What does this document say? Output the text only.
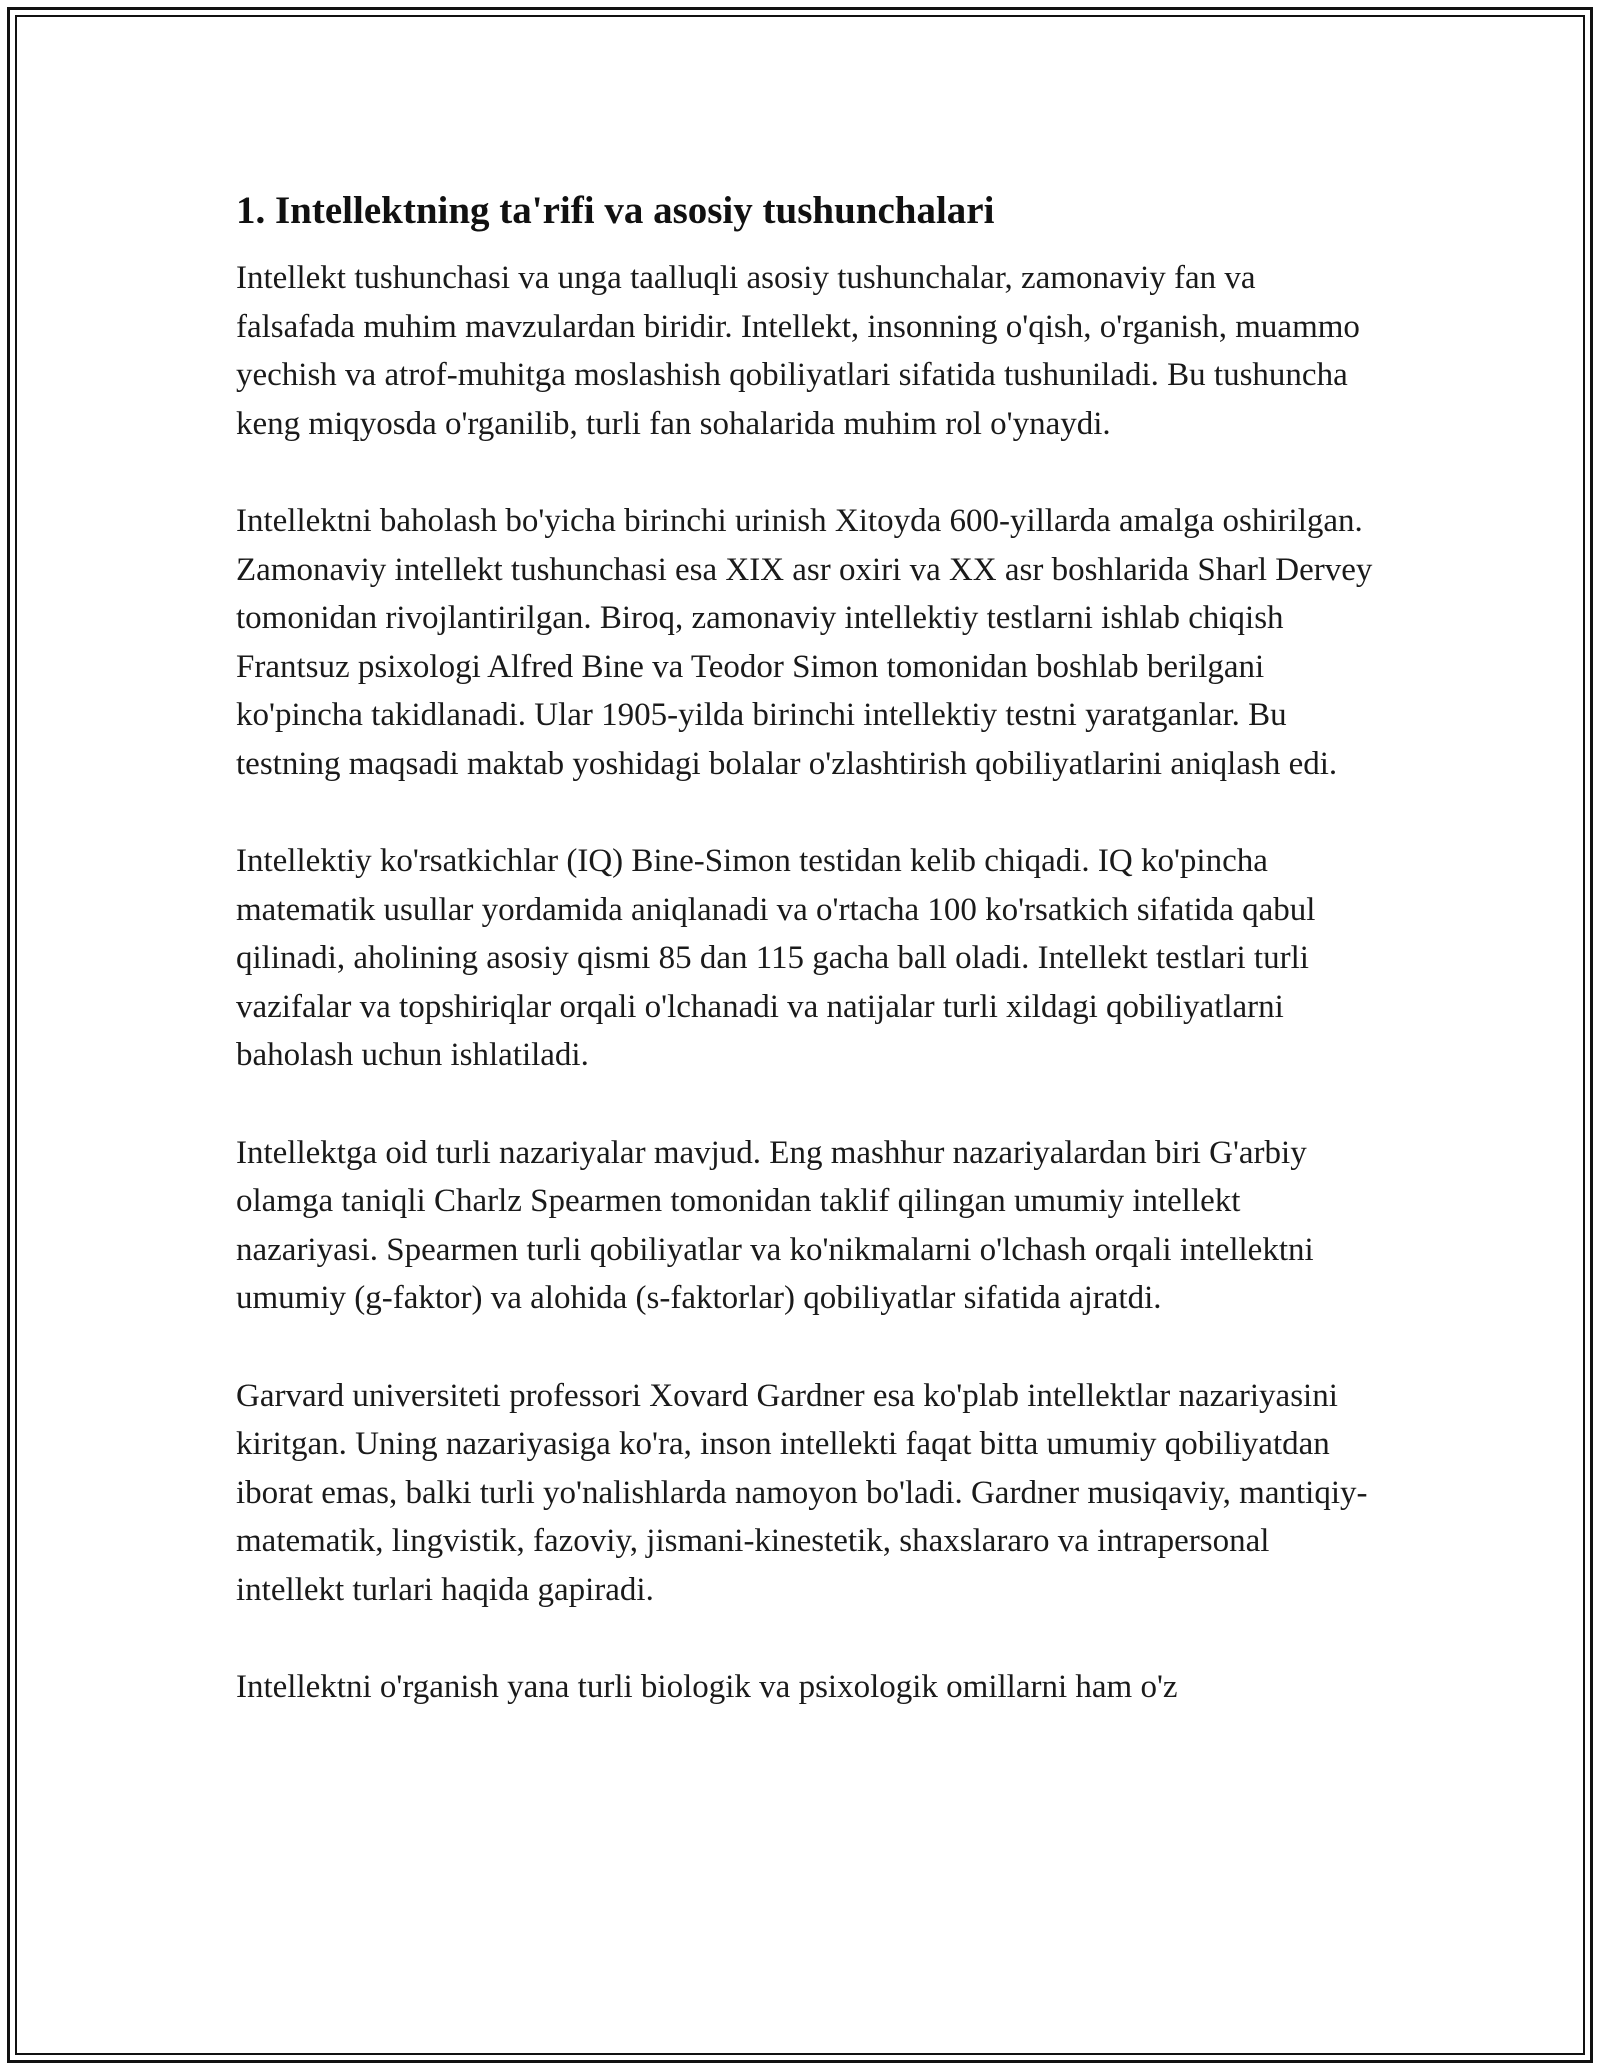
1. Intellektning ta'rifi va asosiy tushunchalari

Intellekt tushunchasi va unga taalluqli asosiy tushunchalar, zamonaviy fan va falsafada muhim mavzulardan biridir. Intellekt, insonning o'qish, o'rganish, muammo yechish va atrof-muhitga moslashish qobiliyatlari sifatida tushuniladi. Bu tushuncha keng miqyosda o'rganilib, turli fan sohalarida muhim rol o'ynaydi.

Intellektni baholash bo'yicha birinchi urinish Xitoyda 600-yillarda amalga oshirilgan. Zamonaviy intellekt tushunchasi esa XIX asr oxiri va XX asr boshlarida Sharl Dervey tomonidan rivojlantirilgan. Biroq, zamonaviy intellektiy testlarni ishlab chiqish Frantsuz psixologi Alfred Bine va Teodor Simon tomonidan boshlab berilgani ko'pincha takidlanadi. Ular 1905-yilda birinchi intellektiy testni yaratganlar. Bu testning maqsadi maktab yoshidagi bolalar o'zlashtirish qobiliyatlarini aniqlash edi.

Intellektiy ko'rsatkichlar (IQ) Bine-Simon testidan kelib chiqadi. IQ ko'pincha matematik usullar yordamida aniqlanadi va o'rtacha 100 ko'rsatkich sifatida qabul qilinadi, aholining asosiy qismi 85 dan 115 gacha ball oladi. Intellekt testlari turli vazifalar va topshiriqlar orqali o'lchanadi va natijalar turli xildagi qobiliyatlarni baholash uchun ishlatiladi.

Intellektga oid turli nazariyalar mavjud. Eng mashhur nazariyalardan biri G'arbiy olamga taniqli Charlz Spearmen tomonidan taklif qilingan umumiy intellekt nazariyasi. Spearmen turli qobiliyatlar va ko'nikmalarni o'lchash orqali intellektni umumiy (g-faktor) va alohida (s-faktorlar) qobiliyatlar sifatida ajratdi.

Garvard universiteti professori Xovard Gardner esa ko'plab intellektlar nazariyasini kiritgan. Uning nazariyasiga ko'ra, inson intellekti faqat bitta umumiy qobiliyatdan iborat emas, balki turli yo'nalishlarda namoyon bo'ladi. Gardner musiqaviy, mantiqiy-matematik, lingvistik, fazoviy, jismani-kinestetik, shaxslararo va intrapersonal intellekt turlari haqida gapiradi.

Intellektni o'rganish yana turli biologik va psixologik omillarni ham o'z
